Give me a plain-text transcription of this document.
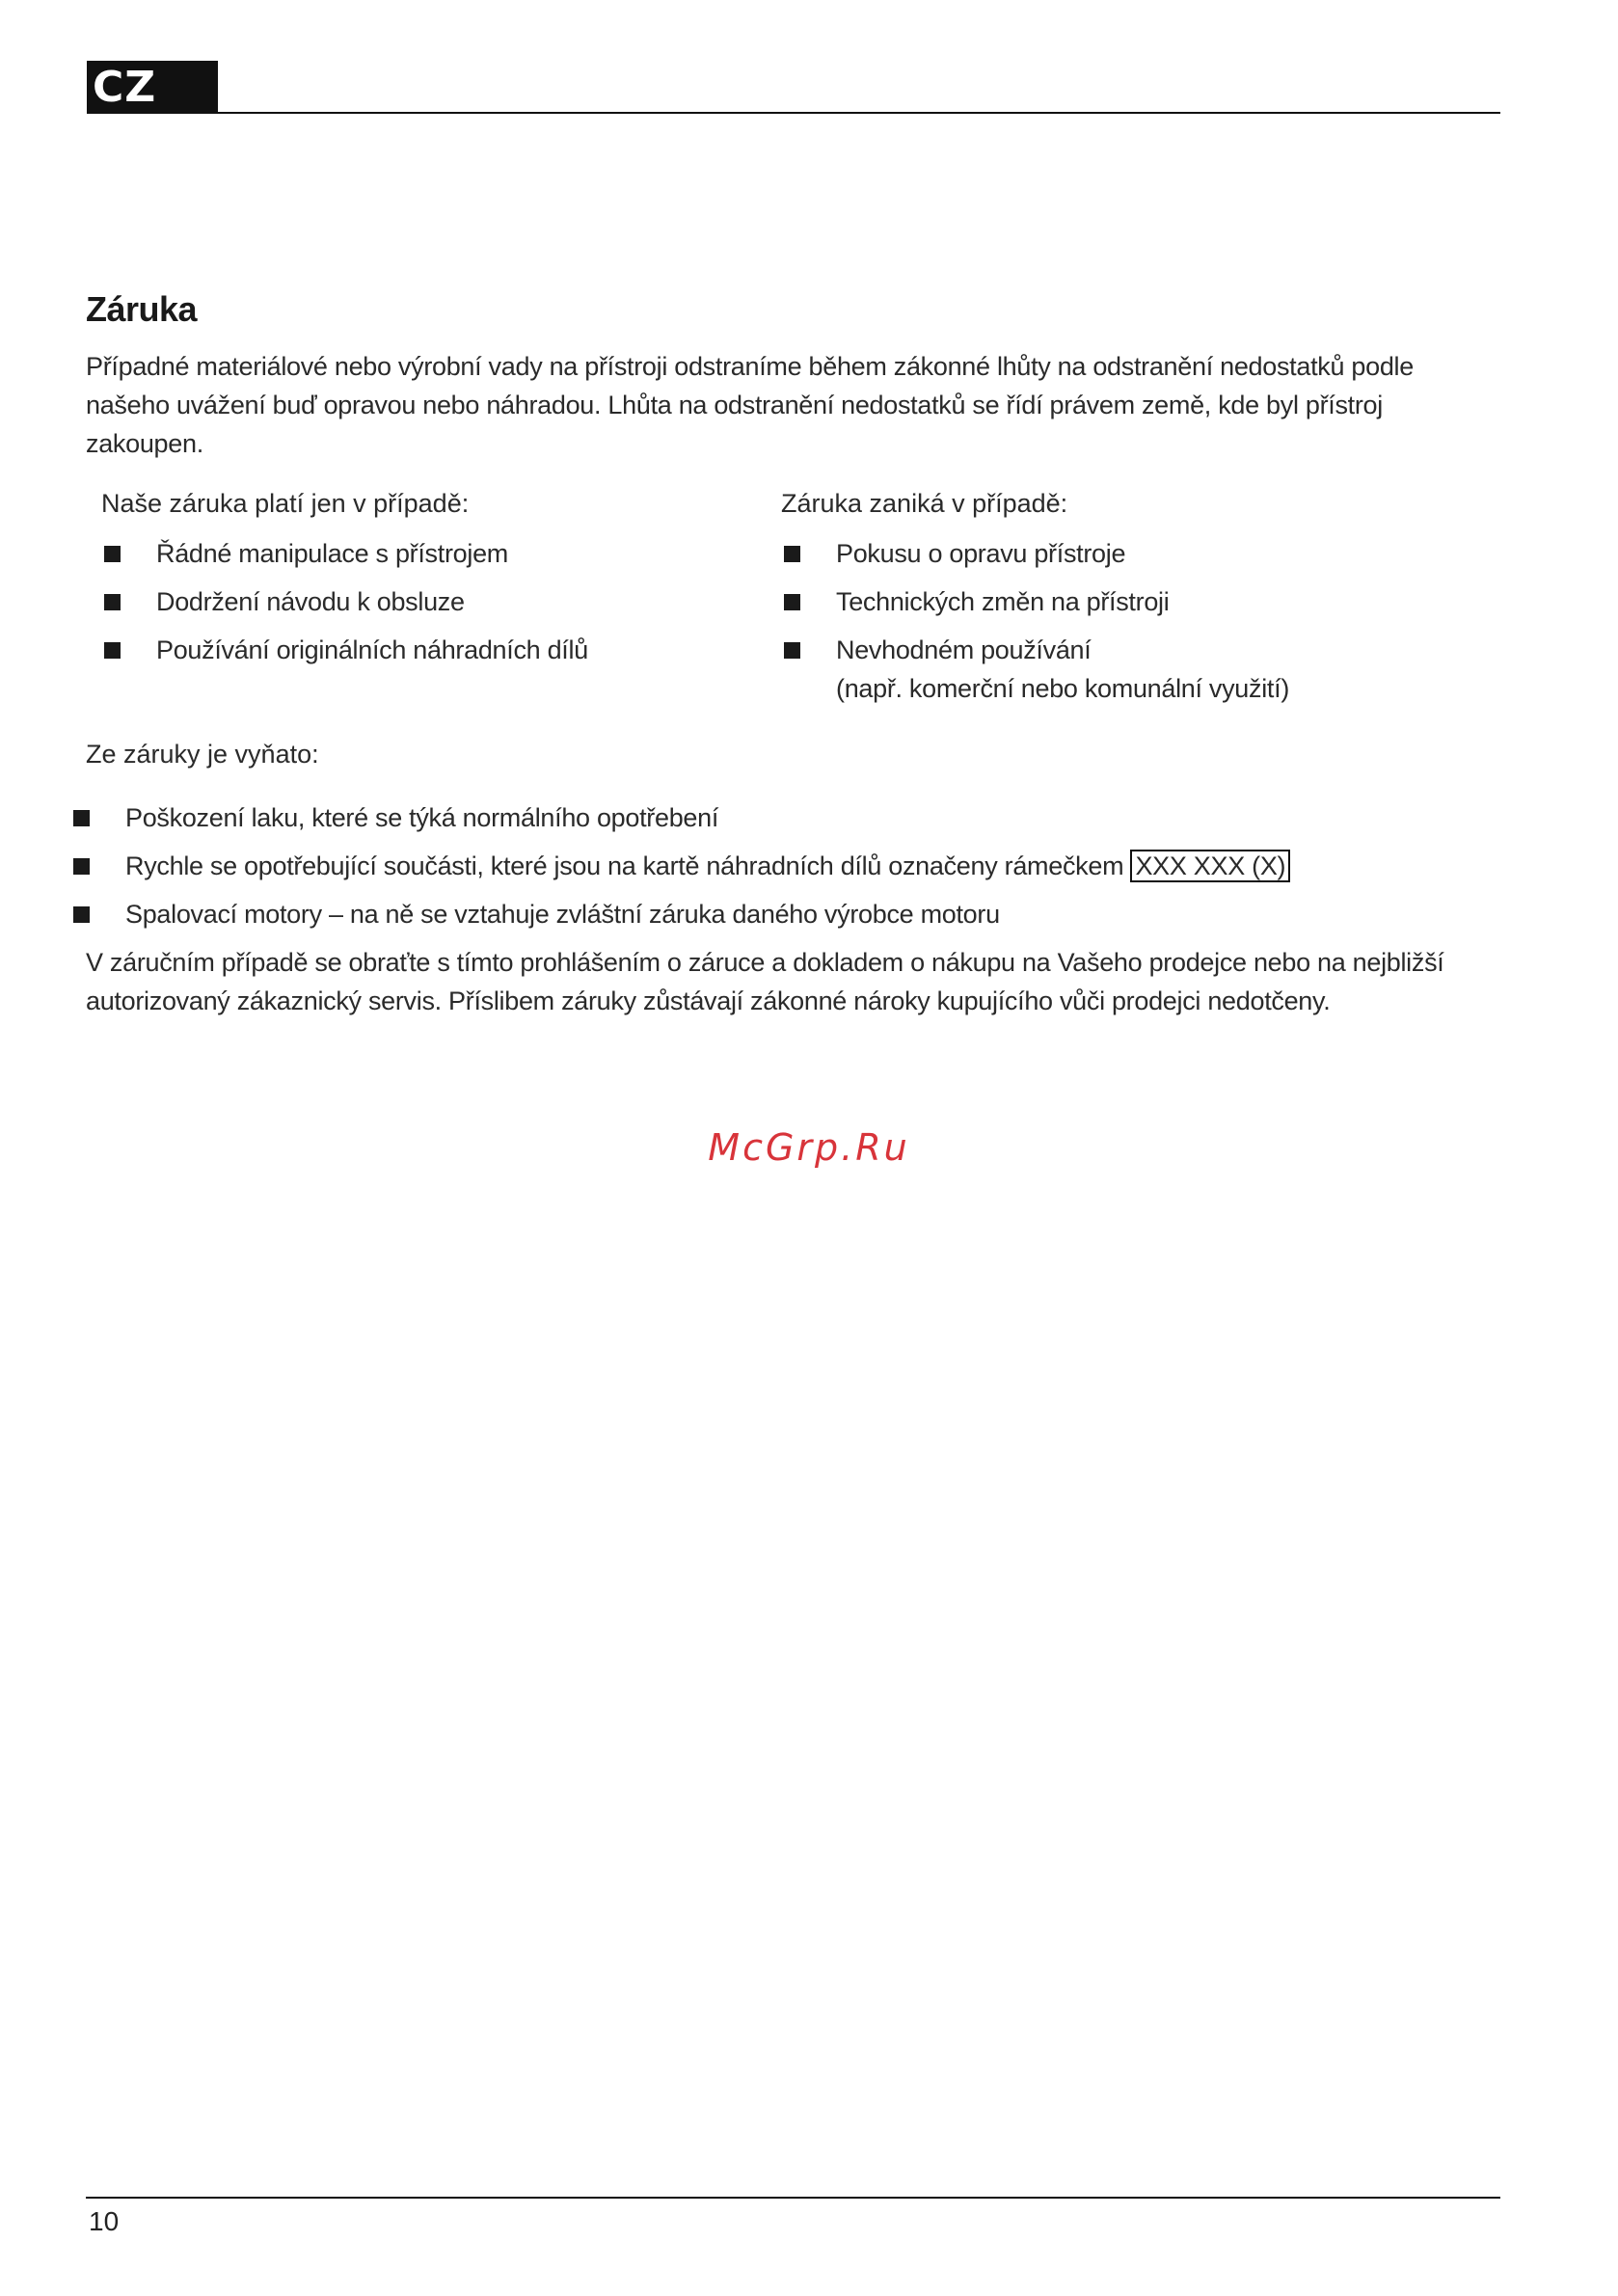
CZ
Záruka

Případné materiálové nebo výrobní vady na přístroji odstraníme během zákonné lhůty na odstranění nedostatků podle našeho uvážení buď opravou nebo náhradou. Lhůta na odstranění nedostatků se řídí právem země, kde byl přístroj zakoupen.

Naše záruka platí jen v případě:

Řádné manipulace s přístrojem
Dodržení návodu k obsluze
Používání originálních náhradních dílů

Záruka zaniká v případě:

Pokusu o opravu přístroje
Technických změn na přístroji
Nevhodném používání
(např. komerční nebo komunální využití)

Ze záruky je vyňato:

Poškození laku, které se týká normálního opotřebení
Rychle se opotřebující součásti, které jsou na kartě náhradních dílů označeny rámečkem XXX XXX (X)
Spalovací motory – na ně se vztahuje zvláštní záruka daného výrobce motoru

V záručním případě se obraťte s tímto prohlášením o záruce a dokladem o nákupu na Vašeho prodejce nebo na nejbližší autorizovaný zákaznický servis. Příslibem záruky zůstávají zákonné nároky kupujícího vůči prodejci nedotčeny.

McGrp.Ru
10
